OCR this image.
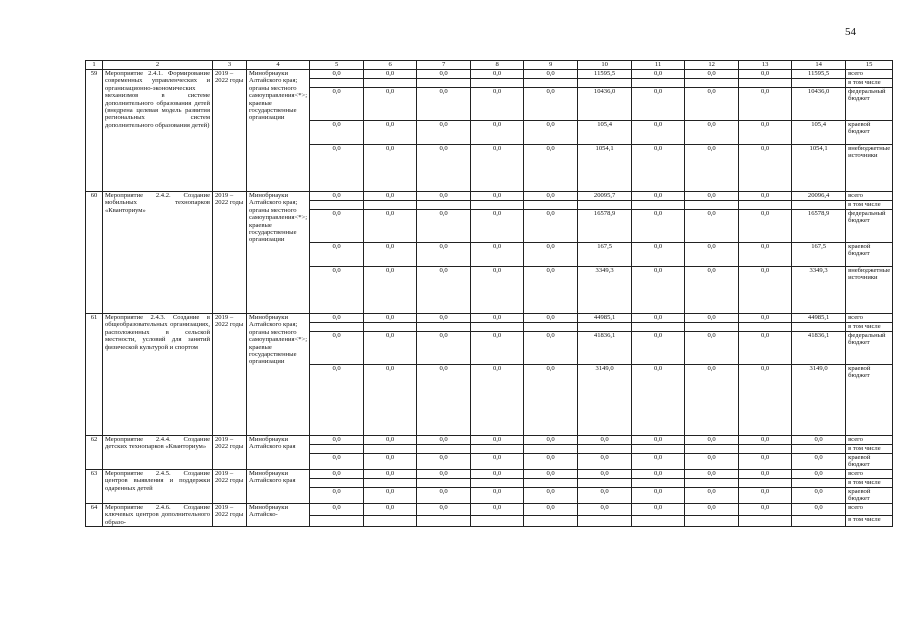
54
1	2	3	4	5	6	7	8	9	10	11	12	13	14	15
59	Мероприятие 2.4.1. Формирование современных управленческих и организационно-экономических механизмов в системе дополнительного образования детей (внедрена целевая модель развития региональных систем дополнительного образования детей)	2019 – 2022 годы	Минобрнауки Алтайского края; органы местного самоуправления<*>; краевые государственные организации	0,0	0,0	0,0	0,0	0,0	11595,5	0,0	0,0	0,0	11595,5	всего
														в том числе
				0,0	0,0	0,0	0,0	0,0	10436,0	0,0	0,0	0,0	10436,0	федеральный бюджет
				0,0	0,0	0,0	0,0	0,0	105,4	0,0	0,0	0,0	105,4	краевой бюджет
				0,0	0,0	0,0	0,0	0,0	1054,1	0,0	0,0	0,0	1054,1	внебюджетные источники
60	Мероприятие 2.4.2. Создание мобильных технопарков «Кванториум»	2019 – 2022 годы	Минобрнауки Алтайского края; органы местного самоуправления<*>; краевые государственные организации	0,0	0,0	0,0	0,0	0,0	20095,7	0,0	0,0	0,0	20096,4	всего
														в том числе
				0,0	0,0	0,0	0,0	0,0	16578,9	0,0	0,0	0,0	16578,9	федеральный бюджет
				0,0	0,0	0,0	0,0	0,0	167,5	0,0	0,0	0,0	167,5	краевой бюджет
				0,0	0,0	0,0	0,0	0,0	3349,3	0,0	0,0	0,0	3349,3	внебюджетные источники
61	Мероприятие 2.4.3. Создание в общеобразовательных организациях, расположенных в сельской местности, условий для занятий физической культурой и спортом	2019 – 2022 годы	Минобрнауки Алтайского края; органы местного самоуправления<*>; краевые государственные организации	0,0	0,0	0,0	0,0	0,0	44985,1	0,0	0,0	0,0	44985,1	всего
														в том числе
				0,0	0,0	0,0	0,0	0,0	41836,1	0,0	0,0	0,0	41836,1	федеральный бюджет
				0,0	0,0	0,0	0,0	0,0	3149,0	0,0	0,0	0,0	3149,0	краевой бюджет
62	Мероприятие 2.4.4. Создание детских технопарков «Кванториум»	2019 – 2022 годы	Минобрнауки Алтайского края	0,0	0,0	0,0	0,0	0,0	0,0	0,0	0,0	0,0	0,0	всего
														в том числе
				0,0	0,0	0,0	0,0	0,0	0,0	0,0	0,0	0,0	0,0	краевой бюджет
63	Мероприятие 2.4.5. Создание центров выявления и поддержки одаренных детей	2019 – 2022 годы	Минобрнауки Алтайского края	0,0	0,0	0,0	0,0	0,0	0,0	0,0	0,0	0,0	0,0	всего
														в том числе
				0,0	0,0	0,0	0,0	0,0	0,0	0,0	0,0	0,0	0,0	краевой бюджет
64	Мероприятие 2.4.6. Создание ключевых центров дополнительного образо-	2019 – 2022 годы	Минобрнауки Алтайско-	0,0	0,0	0,0	0,0	0,0	0,0	0,0	0,0	0,0	0,0	всего
														в том числе
